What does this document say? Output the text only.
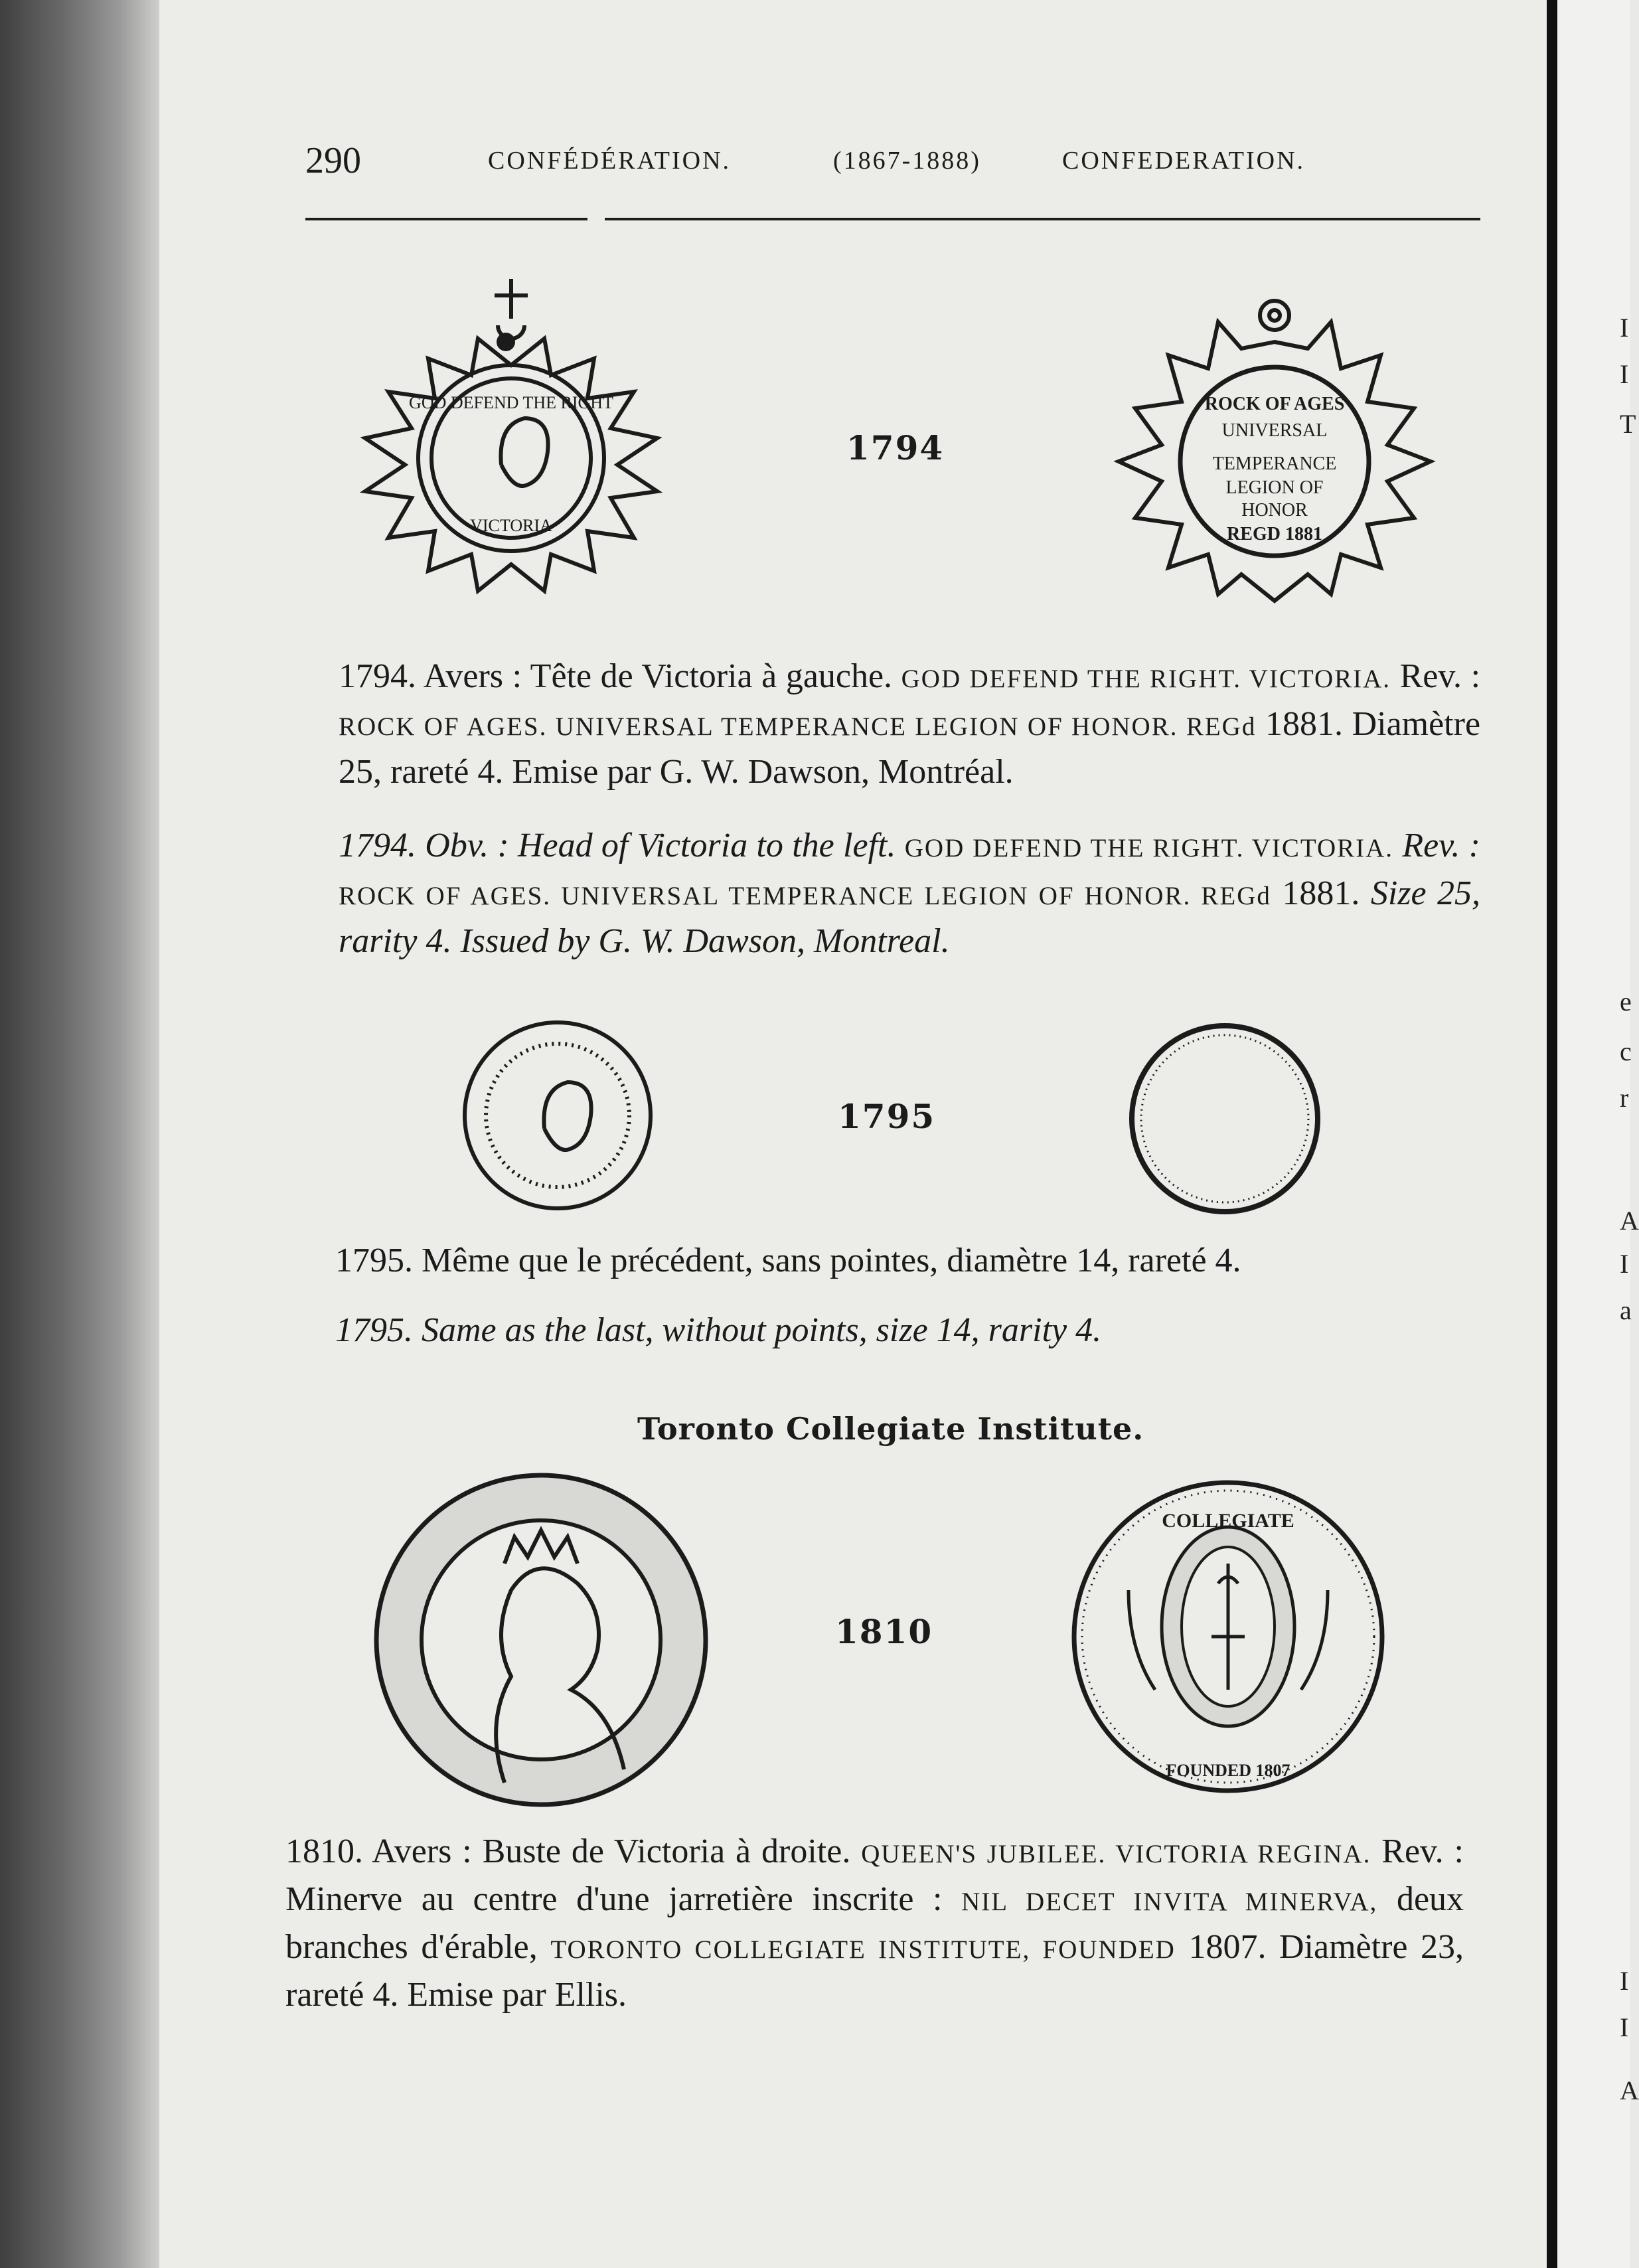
I
I
T
e
c
r
A
I
a
I
I
A
290	CONFÉDÉRATION.	(1867-1888)	CONFEDERATION.
GOD DEFEND THE RIGHT
VICTORIA
1794
ROCK OF AGES
UNIVERSAL
TEMPERANCE
LEGION OF
HONOR
REGD 1881
1794. Avers : Tête de Victoria à gauche. GOD DEFEND THE RIGHT. VICTORIA. Rev. : ROCK OF AGES. UNIVERSAL TEMPERANCE LEGION OF HONOR. REGd 1881. Diamètre 25, rareté 4. Emise par G. W. Dawson, Montréal.
1794. Obv. : Head of Victoria to the left. GOD DEFEND THE RIGHT. VICTORIA. Rev. : ROCK OF AGES. UNIVERSAL TEMPERANCE LEGION OF HONOR. REGd 1881. Size 25, rarity 4. Issued by G. W. Dawson, Montreal.
1795
1795. Même que le précédent, sans pointes, diamètre 14, rareté 4.
1795. Same as the last, without points, size 14, rarity 4.
Toronto Collegiate Institute.
1810
COLLEGIATE
FOUNDED 1807
1810. Avers : Buste de Victoria à droite. QUEEN'S JUBILEE. VICTORIA REGINA. Rev. : Minerve au centre d'une jarretière inscrite : NIL DECET INVITA MINERVA, deux branches d'érable, TORONTO COLLEGIATE INSTITUTE, FOUNDED 1807. Diamètre 23, rareté 4. Emise par Ellis.
